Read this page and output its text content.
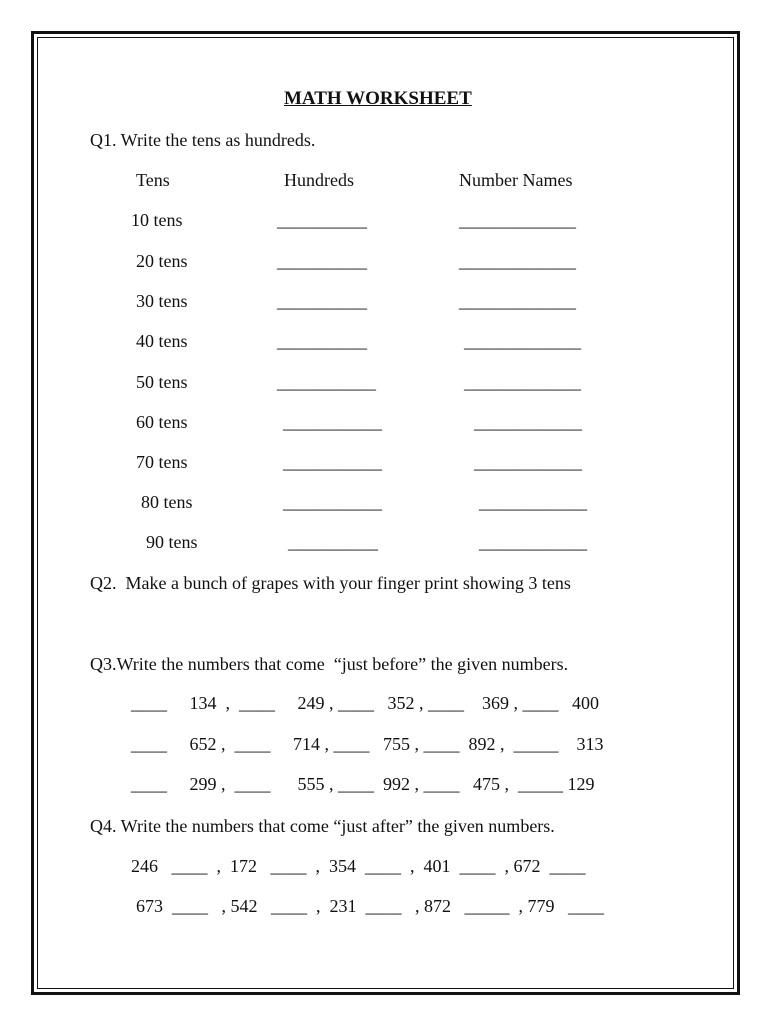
MATH WORKSHEET
Q1. Write the tens as hundreds.
Tens	Hundreds	Number Names
10 tens
20 tens
30 tens
40 tens
50 tens
60 tens
70 tens
80 tens
90 tens
__________
__________
__________
__________
___________
___________
___________
___________
__________
_____________
_____________
_____________
_____________
_____________
____________
____________
____________
____________
Q2.  Make a bunch of grapes with your finger print showing 3 tens
Q3.Write the numbers that come  “just before” the given numbers.
____     134  ,  ____     249 , ____   352 , ____    369 , ____   400
____     652 ,  ____     714 , ____   755 , ____  892 ,  _____    313
____     299 ,  ____      555 , ____  992 , ____   475 ,  _____ 129
Q4. Write the numbers that come “just after” the given numbers.
246   ____  ,  172   ____  ,  354  ____  ,  401  ____  , 672  ____
673  ____   , 542   ____  ,  231  ____   , 872   _____  , 779   ____
